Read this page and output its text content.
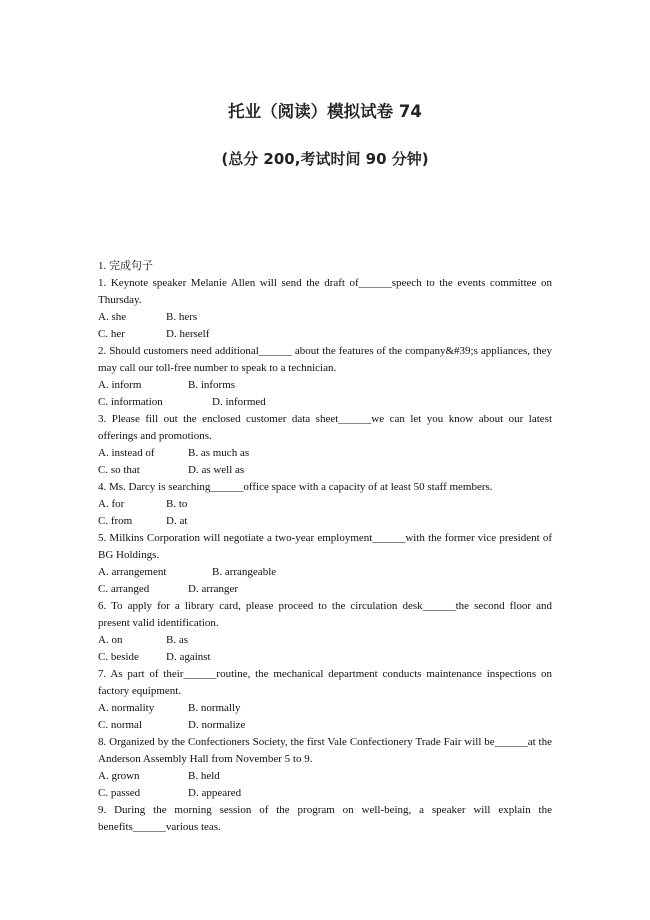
托业（阅读）模拟试卷 74
(总分 200,考试时间 90 分钟)

1. 完成句子

1. Keynote speaker Melanie Allen will send the draft of______speech to the events committee on Thursday.

A. she	B. hers

C. her	D. herself

2. Should customers need additional______ about the features of the company&#39;s appliances, they may call our toll-free number to speak to a technician.

A. inform	B. informs

C. information	D. informed

3. Please fill out the enclosed customer data sheet______we can let you know about our latest offerings and promotions.

A. instead of	B. as much as

C. so that	D. as well as

4. Ms. Darcy is searching______office space with a capacity of at least 50 staff members.

A. for	B. to

C. from	D. at

5. Milkins Corporation will negotiate a two-year employment______with the former vice president of BG Holdings.

A. arrangement	B. arrangeable

C. arranged	D. arranger

6. To apply for a library card, please proceed to the circulation desk______the second floor and present valid identification.

A. on	B. as

C. beside D. against

7. As part of their______routine, the mechanical department conducts maintenance inspections on factory equipment.

A. normality	B. normally

C. normal	D. normalize

8. Organized by the Confectioners Society, the first Vale Confectionery Trade Fair will be______at the Anderson Assembly Hall from November 5 to 9.

A. grown	B. held

C. passed	D. appeared

9. During the morning session of the program on well-being, a speaker will explain the benefits______various teas.
